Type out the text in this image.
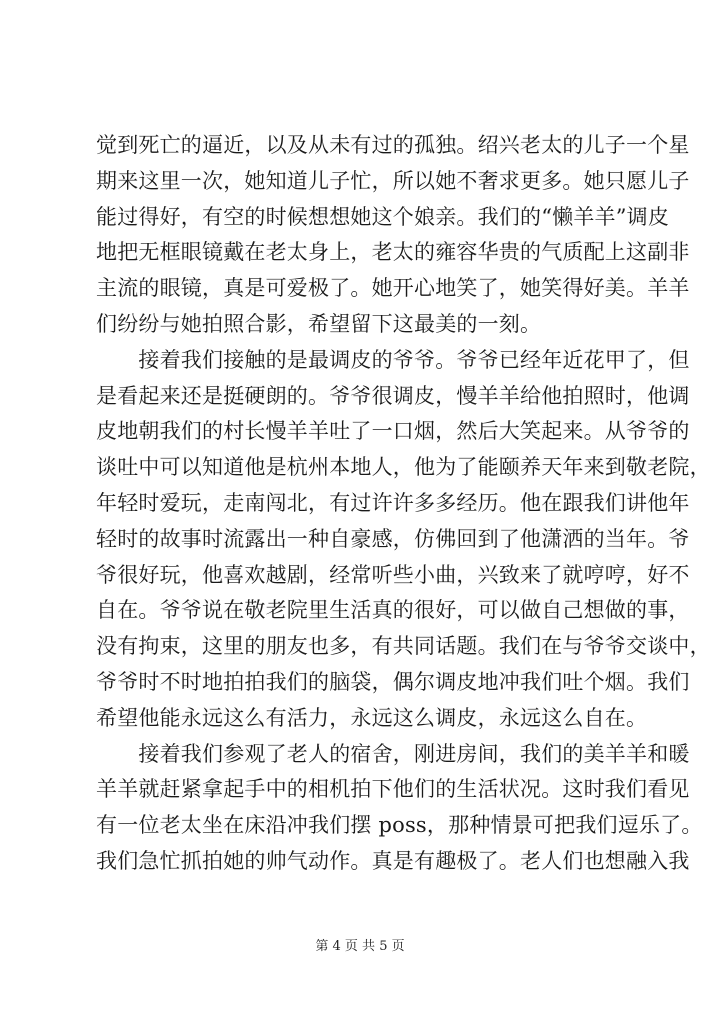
觉到死亡的逼近，以及从未有过的孤独。绍兴老太的儿子一个星
期来这里一次，她知道儿子忙，所以她不奢求更多。她只愿儿子
能过得好，有空的时候想想她这个娘亲。我们的“懒羊羊”调皮
地把无框眼镜戴在老太身上，老太的雍容华贵的气质配上这副非
主流的眼镜，真是可爱极了。她开心地笑了，她笑得好美。羊羊
们纷纷与她拍照合影，希望留下这最美的一刻。
　　接着我们接触的是最调皮的爷爷。爷爷已经年近花甲了，但
是看起来还是挺硬朗的。爷爷很调皮，慢羊羊给他拍照时，他调
皮地朝我们的村长慢羊羊吐了一口烟，然后大笑起来。从爷爷的
谈吐中可以知道他是杭州本地人，他为了能颐养天年来到敬老院，
年轻时爱玩，走南闯北，有过许许多多经历。他在跟我们讲他年
轻时的故事时流露出一种自豪感，仿佛回到了他潇洒的当年。爷
爷很好玩，他喜欢越剧，经常听些小曲，兴致来了就哼哼，好不
自在。爷爷说在敬老院里生活真的很好，可以做自己想做的事，
没有拘束，这里的朋友也多，有共同话题。我们在与爷爷交谈中，
爷爷时不时地拍拍我们的脑袋，偶尔调皮地冲我们吐个烟。我们
希望他能永远这么有活力，永远这么调皮，永远这么自在。
　　接着我们参观了老人的宿舍，刚进房间，我们的美羊羊和暖
羊羊就赶紧拿起手中的相机拍下他们的生活状况。这时我们看见
有一位老太坐在床沿冲我们摆 poss，那种情景可把我们逗乐了。
我们急忙抓拍她的帅气动作。真是有趣极了。老人们也想融入我
第 4 页 共 5 页
